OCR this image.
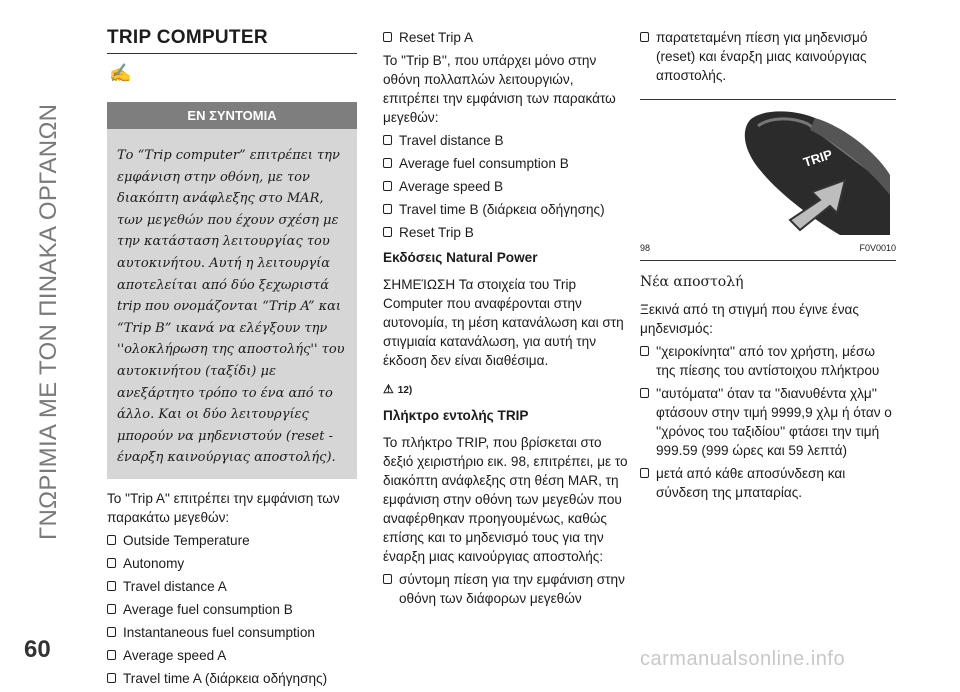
ΓΝΩΡΙΜΙΑ ΜΕ ΤΟΝ ΠΙΝΑΚΑ ΟΡΓΑΝΩΝ
60	carmanualsonline.info
TRIP COMPUTER
✍
ΕΝ ΣΥΝΤΟΜΙΑ
Το “Trip computer” επιτρέπει την εμφάνιση στην οθόνη, με τον διακόπτη ανάφλεξης στο MAR, των μεγεθών που έχουν σχέση με την κατάσταση λειτουργίας του αυτοκινήτου. Αυτή η λειτουργία αποτελείται από δύο ξεχωριστά trip που ονομάζονται “Trip A” και “Trip B” ικανά να ελέγξουν την ''ολοκλήρωση της αποστολής'' του αυτοκινήτου (ταξίδι) με ανεξάρτητο τρόπο το ένα από το άλλο. Και οι δύο λειτουργίες μπορούν να μηδενιστούν (reset - έναρξη καινούργιας αποστολής).

Το "Trip A" επιτρέπει την εμφάνιση των παρακάτω μεγεθών:

Outside Temperature
Autonomy
Travel distance A
Average fuel consumption B
Instantaneous fuel consumption
Average speed A
Travel time A (διάρκεια οδήγησης)
Reset Trip A

Το "Trip B'', που υπάρχει μόνο στην οθόνη πολλαπλών λειτουργιών, επιτρέπει την εμφάνιση των παρακάτω μεγεθών:

Travel distance B
Average fuel consumption B
Average speed B
Travel time B (διάρκεια οδήγησης)
Reset Trip B
Εκδόσεις Natural Power

ΣΗΜΕΊΩΣΗ Τα στοιχεία του Trip Computer που αναφέρονται στην αυτονομία, τη μέση κατανάλωση και στη στιγμιαία κατανάλωση, για αυτή την έκδοση δεν είναι διαθέσιμα.

⚠ 12)
Πλήκτρο εντολής TRIP

Το πλήκτρο TRIP, που βρίσκεται στο δεξιό χειριστήριο εικ. 98, επιτρέπει, με το διακόπτη ανάφλεξης στη θέση MAR, τη εμφάνιση στην οθόνη των μεγεθών που αναφέρθηκαν προηγουμένως, καθώς επίσης και το μηδενισμό τους για την έναρξη μιας καινούργιας αποστολής:

σύντομη πίεση για την εμφάνιση στην οθόνη των διάφορων μεγεθών
παρατεταμένη πίεση για μηδενισμό (reset) και έναρξη μιας καινούργιας αποστολής.
TRIP
98	F0V0010
Νέα αποστολή

Ξεκινά από τη στιγμή που έγινε ένας μηδενισμός:

''χειροκίνητα'' από τον χρήστη, μέσω της πίεσης του αντίστοιχου πλήκτρου
''αυτόματα'' όταν τα ''διανυθέντα χλμ'' φτάσουν στην τιμή 9999,9 χλμ ή όταν ο ''χρόνος του ταξιδίου'' φτάσει την τιμή 999.59 (999 ώρες και 59 λεπτά)
μετά από κάθε αποσύνδεση και σύνδεση της μπαταρίας.
